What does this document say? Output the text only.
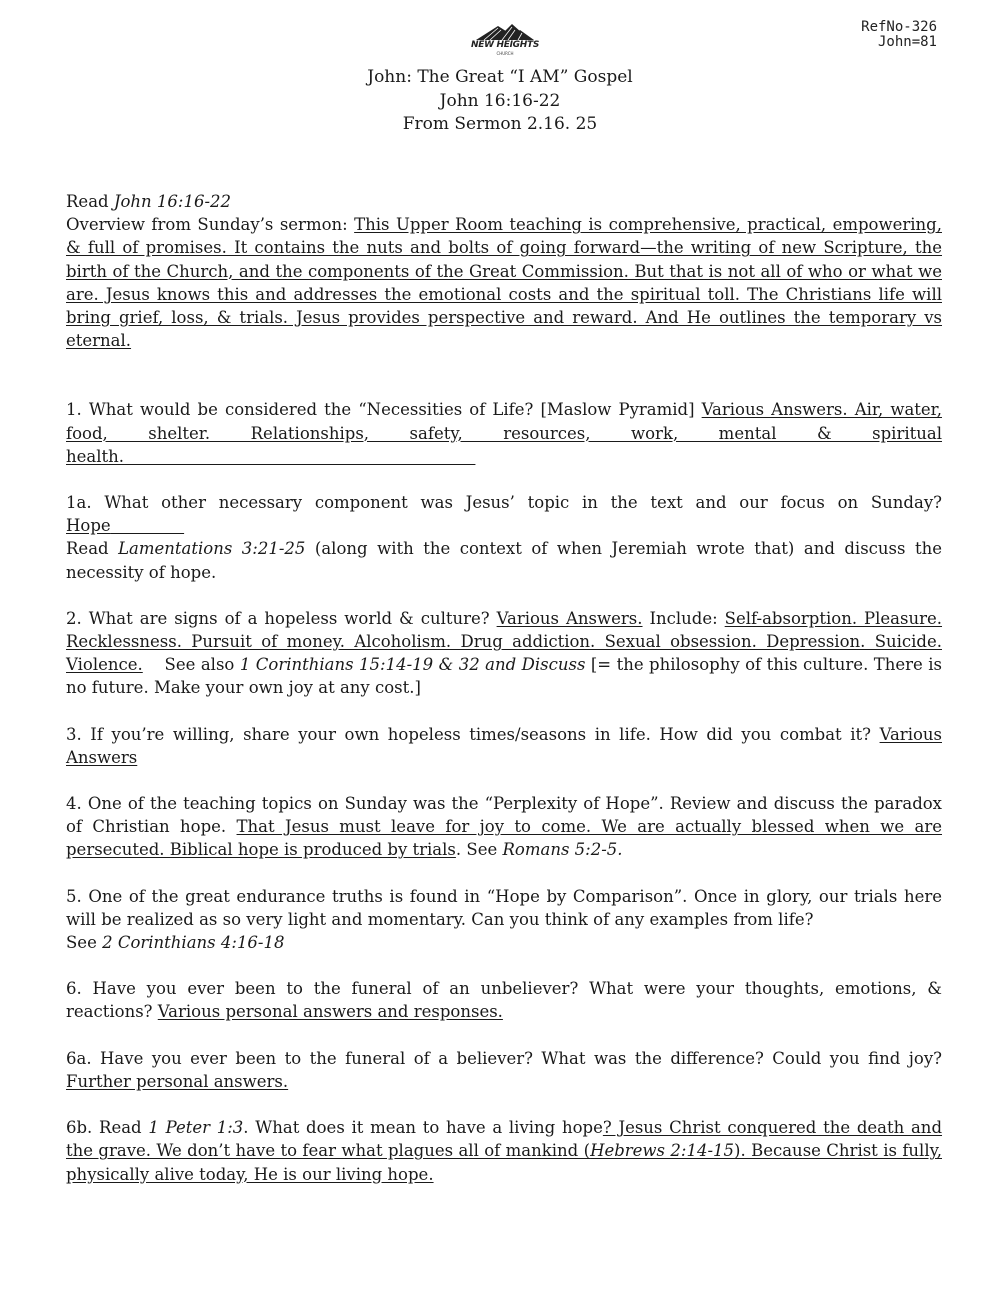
RefNo-326
John=81
NEW HEIGHTS
CHURCH
John: The Great “I AM” Gospel
John 16:16-22
From Sermon 2.16. 25

Read John 16:16-22

Overview from Sunday’s sermon: This Upper Room teaching is comprehensive, practical, empowering, & full of promises. It contains the nuts and bolts of going forward—the writing of new Scripture, the birth of the Church, and the components of the Great Commission. But that is not all of who or what we are. Jesus knows this and addresses the emotional costs and the spiritual toll. The Christians life will bring grief, loss, & trials. Jesus provides perspective and reward. And He outlines the temporary vs eternal.

1. What would be considered the “Necessities of Life? [Maslow Pyramid] Various Answers. Air, water, food, shelter. Relationships, safety, resources, work, mental & spiritual health.

1a. What other necessary component was Jesus’ topic in the text and our focus on Sunday? Hope

Read Lamentations 3:21-25 (along with the context of when Jeremiah wrote that) and discuss the necessity of hope.

2. What are signs of a hopeless world & culture? Various Answers. Include: Self-absorption. Pleasure. Recklessness. Pursuit of money. Alcoholism. Drug addiction. Sexual obsession. Depression. Suicide. Violence.    See also 1 Corinthians 15:14-19 & 32 and Discuss [= the philosophy of this culture. There is no future. Make your own joy at any cost.]

3. If you’re willing, share your own hopeless times/seasons in life. How did you combat it? Various Answers

4. One of the teaching topics on Sunday was the “Perplexity of Hope”. Review and discuss the paradox of Christian hope. That Jesus must leave for joy to come. We are actually blessed when we are persecuted. Biblical hope is produced by trials. See Romans 5:2-5.

5. One of the great endurance truths is found in “Hope by Comparison”. Once in glory, our trials here will be realized as so very light and momentary. Can you think of any examples from life?

See 2 Corinthians 4:16-18

6. Have you ever been to the funeral of an unbeliever? What were your thoughts, emotions, & reactions? Various personal answers and responses.

6a. Have you ever been to the funeral of a believer? What was the difference? Could you find joy? Further personal answers.

6b. Read 1 Peter 1:3. What does it mean to have a living hope? Jesus Christ conquered the death and the grave. We don’t have to fear what plagues all of mankind (Hebrews 2:14-15). Because Christ is fully, physically alive today, He is our living hope.
